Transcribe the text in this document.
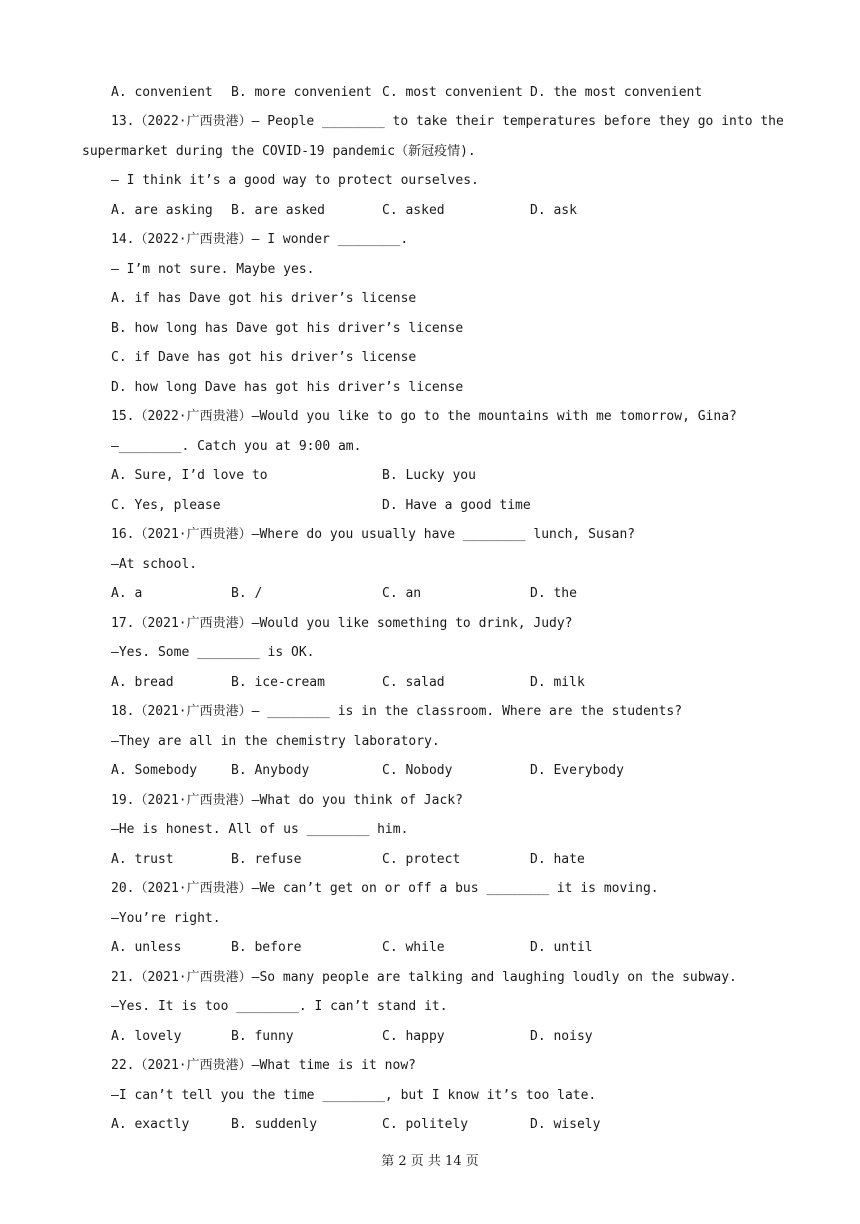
A. convenient

B. more convenient

C. most convenient

D. the most convenient

13.（2022·广西贵港）— People ________ to take their temperatures before they go into the
supermarket during the COVID-19 pandemic（新冠疫情).
— I think it’s a good way to protect ourselves.

A. are asking

B. are asked

	C. asked

	D. ask

14.（2022·广西贵港）— I wonder ________.
— I’m not sure. Maybe yes.
A. if has Dave got his driver’s license
B. how long has Dave got his driver’s license
C. if Dave has got his driver’s license
D. how long Dave has got his driver’s license
15.（2022·广西贵港）—Would you like to go to the mountains with me tomorrow, Gina?
—________. Catch you at 9:00 am.

A. Sure, I’d love to

	B. Lucky you

C. Yes, please

	D. Have a good time

16.（2021·广西贵港）—Where do you usually have ________ lunch, Susan?
—At school.

A. a

	B. /

	C. an

	D. the

17.（2021·广西贵港）—Would you like something to drink, Judy?
—Yes. Some ________ is OK.

A. bread

	B. ice-cream

	C. salad

	D. milk

18.（2021·广西贵港）— ________ is in the classroom. Where are the students?
—They are all in the chemistry laboratory.

A. Somebody

	B. Anybody

	C. Nobody

	D. Everybody

19.（2021·广西贵港）—What do you think of Jack?
—He is honest. All of us ________ him.

A. trust

	B. refuse

	C. protect

	D. hate

20.（2021·广西贵港）—We can’t get on or off a bus ________ it is moving.
—You’re right.

A. unless

	B. before

	C. while

	D. until

21.（2021·广西贵港）—So many people are talking and laughing loudly on the subway.
—Yes. It is too ________. I can’t stand it.

A. lovely

	B. funny

	C. happy

	D. noisy

22.（2021·广西贵港）—What time is it now?
—I can’t tell you the time ________, but I know it’s too late.

A. exactly

	B. suddenly

	C. politely

	D. wisely

第 2 页 共 14 页
